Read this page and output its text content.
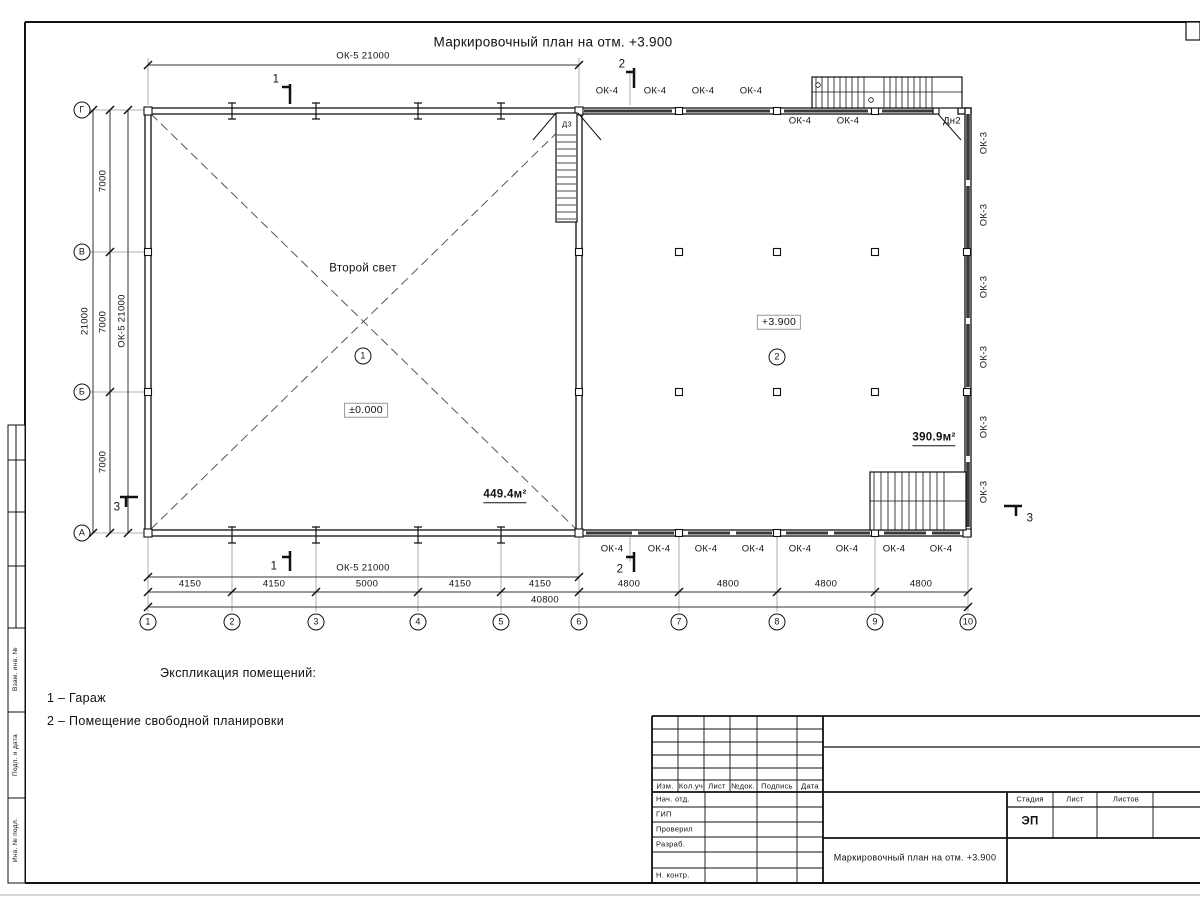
ОК-5 21000
21000
7000
7000
7000
ОК-5 21000
ОК-5 21000
4150	4150	5000	4150	4150	4800	4800	4800	4800
40800
ОК-4	ОК-4	ОК-4	ОК-4
ОК-4	ОК-4	Дн2
ОК-4	ОК-4	ОК-4	ОК-4	ОК-4	ОК-4	ОК-4	ОК-4
ОК-3
ОК-3
ОК-3
ОК-3
ОК-3
ОК-3
Д3
Второй свет
±0.000
449.4м²
+3.900
390.9м²
1	2
1	2	3	4	5	6	7	8	9	10
Г
В
Б
А
1
1
2
2
3
3
Маркировочный план на отм. +3.900
Экспликация помещений:
1 – Гараж
2 – Помещение свободной планировки
Взам. инв. №
Подп. и дата
Инв. № подл.
Изм. Кол.уч Лист №док. Подпись Дата
Нач. отд.
ГИП
Проверил
Разраб.
Н. контр.
Стадия	Лист	Листов
ЭП
Маркировочный план на отм. +3.900
